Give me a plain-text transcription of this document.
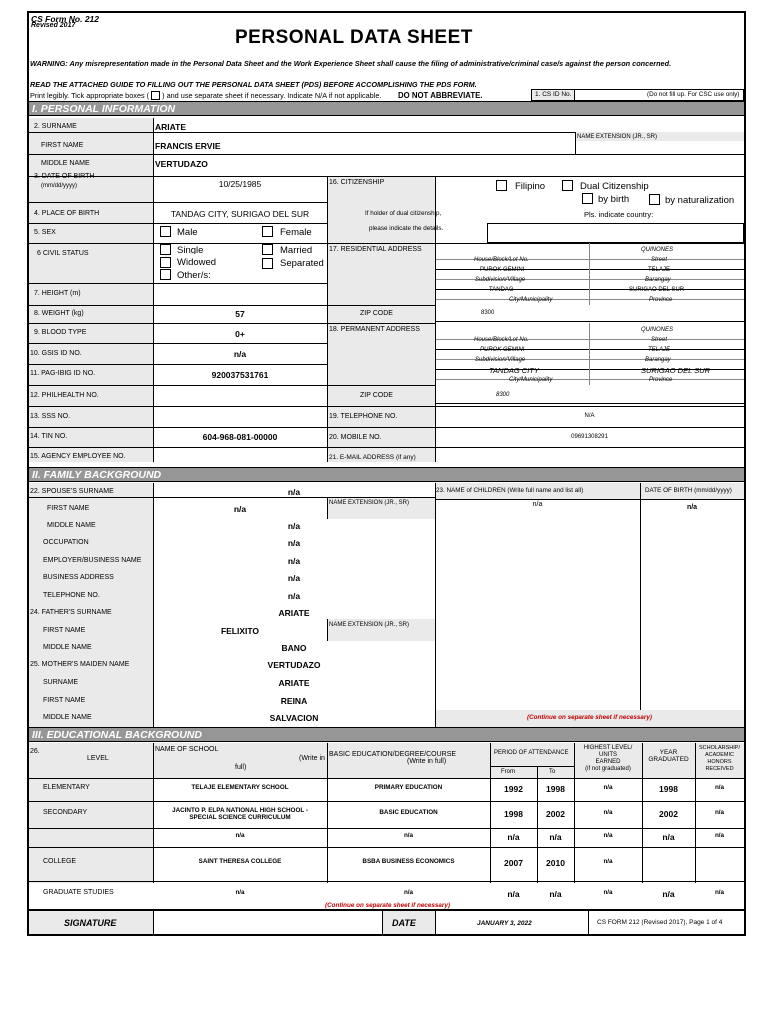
CS Form No. 212
Revised 2017
PERSONAL DATA SHEET
WARNING: Any misrepresentation made in the Personal Data Sheet and the Work Experience Sheet shall cause the filing of administrative/criminal case/s against the person concerned.
READ THE ATTACHED GUIDE TO FILLING OUT THE PERSONAL DATA SHEET (PDS) BEFORE ACCOMPLISHING THE PDS FORM.
Print legibly. Tick appropriate boxes ( ) and use separate sheet if necessary. Indicate N/A if not applicable. DO NOT ABBREVIATE.	1. CS ID No.	(Do not fill up. For CSC use only)
I. PERSONAL INFORMATION
2. SURNAME	ARIATE
FIRST NAME	FRANCIS ERVIE
NAME EXTENSION (JR., SR)
MIDDLE NAME	VERTUDAZO
3. DATE OF BIRTH
(mm/dd/yyyy)	10/25/1985
4. PLACE OF BIRTH	TANDAG CITY, SURIGAO DEL SUR
5. SEX	Male	Female
6 CIVIL STATUS	Single	Married
Widowed	Separated
Other/s:
7. HEIGHT (m)
8. WEIGHT (kg)	57
9. BLOOD TYPE	0+
10. GSIS ID NO.	n/a
11. PAG-IBIG ID NO.	920037531761
12. PHILHEALTH NO.
13. SSS NO.
14. TIN NO.	604-968-081-00000
15. AGENCY EMPLOYEE NO.
16. CITIZENSHIP	Filipino	Dual Citizenship
by birth	by naturalization
Pls. indicate country:
If holder of dual citizenship,
please indicate the details.
17. RESIDENTIAL ADDRESS	QUINONES
House/Block/Lot No.	Street
PUROK GEMINI	TELAJE
Subdivision/Village	Barangay
TANDAG	SURIGAO DEL SUR
City/Municipality	Province
ZIP CODE	8300
18. PERMANENT ADDRESS	QUINONES
House/Block/Lot No.	Street
PUROK GEMINI	TELAJE
Subdivision/Village	Barangay
TANDAG CITY	SURIGAO DEL SUR
City/Municipality	Province
ZIP CODE	8300
19. TELEPHONE NO.	N/A
20. MOBILE NO.	09691308291
21. E-MAIL ADDRESS (if any)
II. FAMILY BACKGROUND
22. SPOUSE'S SURNAME	n/a
FIRST NAME	n/a
NAME EXTENSION (JR., SR)
MIDDLE NAME	n/a
OCCUPATION	n/a
EMPLOYER/BUSINESS NAME	n/a
BUSINESS ADDRESS	n/a
TELEPHONE NO.	n/a
24. FATHER'S SURNAME	ARIATE
FIRST NAME	FELIXITO
NAME EXTENSION (JR., SR)
MIDDLE NAME	BANO
25. MOTHER'S MAIDEN NAME	VERTUDAZO
SURNAME	ARIATE
FIRST NAME	REINA
MIDDLE NAME	SALVACION
23. NAME of CHILDREN (Write full name and list all)	DATE OF BIRTH (mm/dd/yyyy)
n/a	n/a
(Continue on separate sheet if necessary)
III. EDUCATIONAL BACKGROUND
26.
LEVEL
NAME OF SCHOOL
(Write in
full)
BASIC EDUCATION/DEGREE/COURSE
(Write in full)
PERIOD OF ATTENDANCE
From	To
HIGHEST LEVEL/
UNITS
EARNED
(if not graduated)
YEAR
GRADUATED
SCHOLARSHIP/
ACADEMIC
HONORS
RECEIVED
ELEMENTARY	TELAJE ELEMENTARY SCHOOL	PRIMARY EDUCATION	1992	1998	n/a	1998	n/a
SECONDARY	JACINTO P. ELPA NATIONAL HIGH SCHOOL -
SPECIAL SCIENCE CURRICULUM
BASIC EDUCATION	1998	2002	n/a	2002	n/a
n/a	n/a	n/a	n/a	n/a	n/a	n/a
COLLEGE	SAINT THERESA COLLEGE	BSBA BUSINESS ECONOMICS	2007	2010	n/a
GRADUATE STUDIES	n/a	n/a	n/a	n/a	n/a	n/a	n/a
(Continue on separate sheet if necessary)
SIGNATURE	DATE	JANUARY 3, 2022	CS FORM 212 (Revised 2017), Page 1 of 4
